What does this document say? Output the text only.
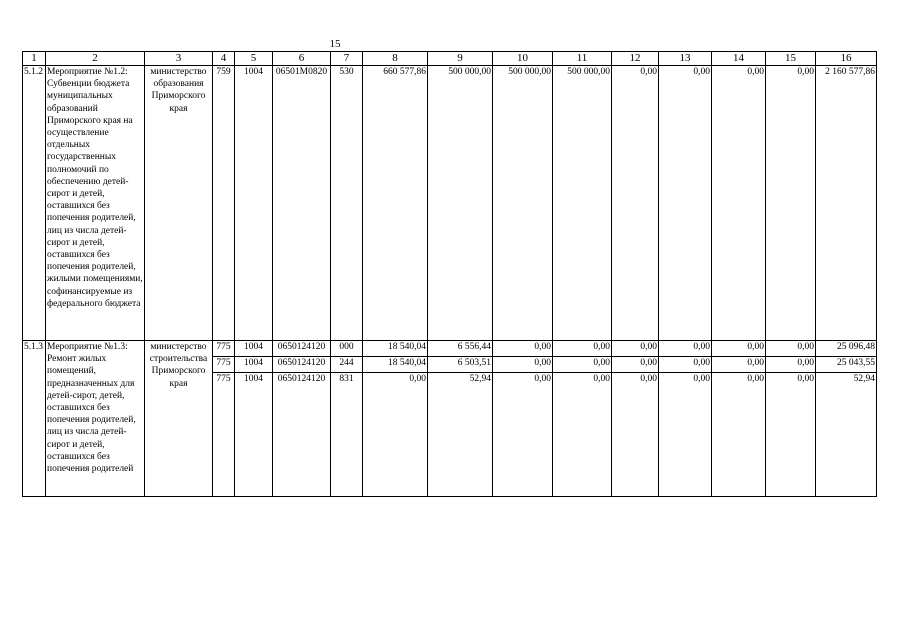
15
1	2	3	4	5	6	7	8	9	10	11	12	13	14	15	16
5.1.2	Мероприятие №1.2: Субвенции бюджета муниципальных образований Приморского края на осуществление отдельных государственных полномочий по обеспечению детей-сирот и детей, оставшихся без попечения родителей, лиц из числа детей-сирот и детей, оставшихся без попечения родителей, жилыми помещениями, софинансируемые из федерального бюджета	министерство образования Приморского края	759	1004	06501M0820	530	660 577,86	500 000,00	500 000,00	500 000,00	0,00	0,00	0,00	0,00	2 160 577,86
5.1.3	Мероприятие №1.3: Ремонт жилых помещений, предназначенных для детей-сирот, детей, оставшихся без попечения родителей, лиц из числа детей-сирот и детей, оставшихся без попечения родителей	министерство строительства Приморского края	775	1004	0650124120	000	18 540,04	6 556,44	0,00	0,00	0,00	0,00	0,00	0,00	25 096,48
			775	1004	0650124120	244	18 540,04	6 503,51	0,00	0,00	0,00	0,00	0,00	0,00	25 043,55
			775	1004	0650124120	831	0,00	52,94	0,00	0,00	0,00	0,00	0,00	0,00	52,94
